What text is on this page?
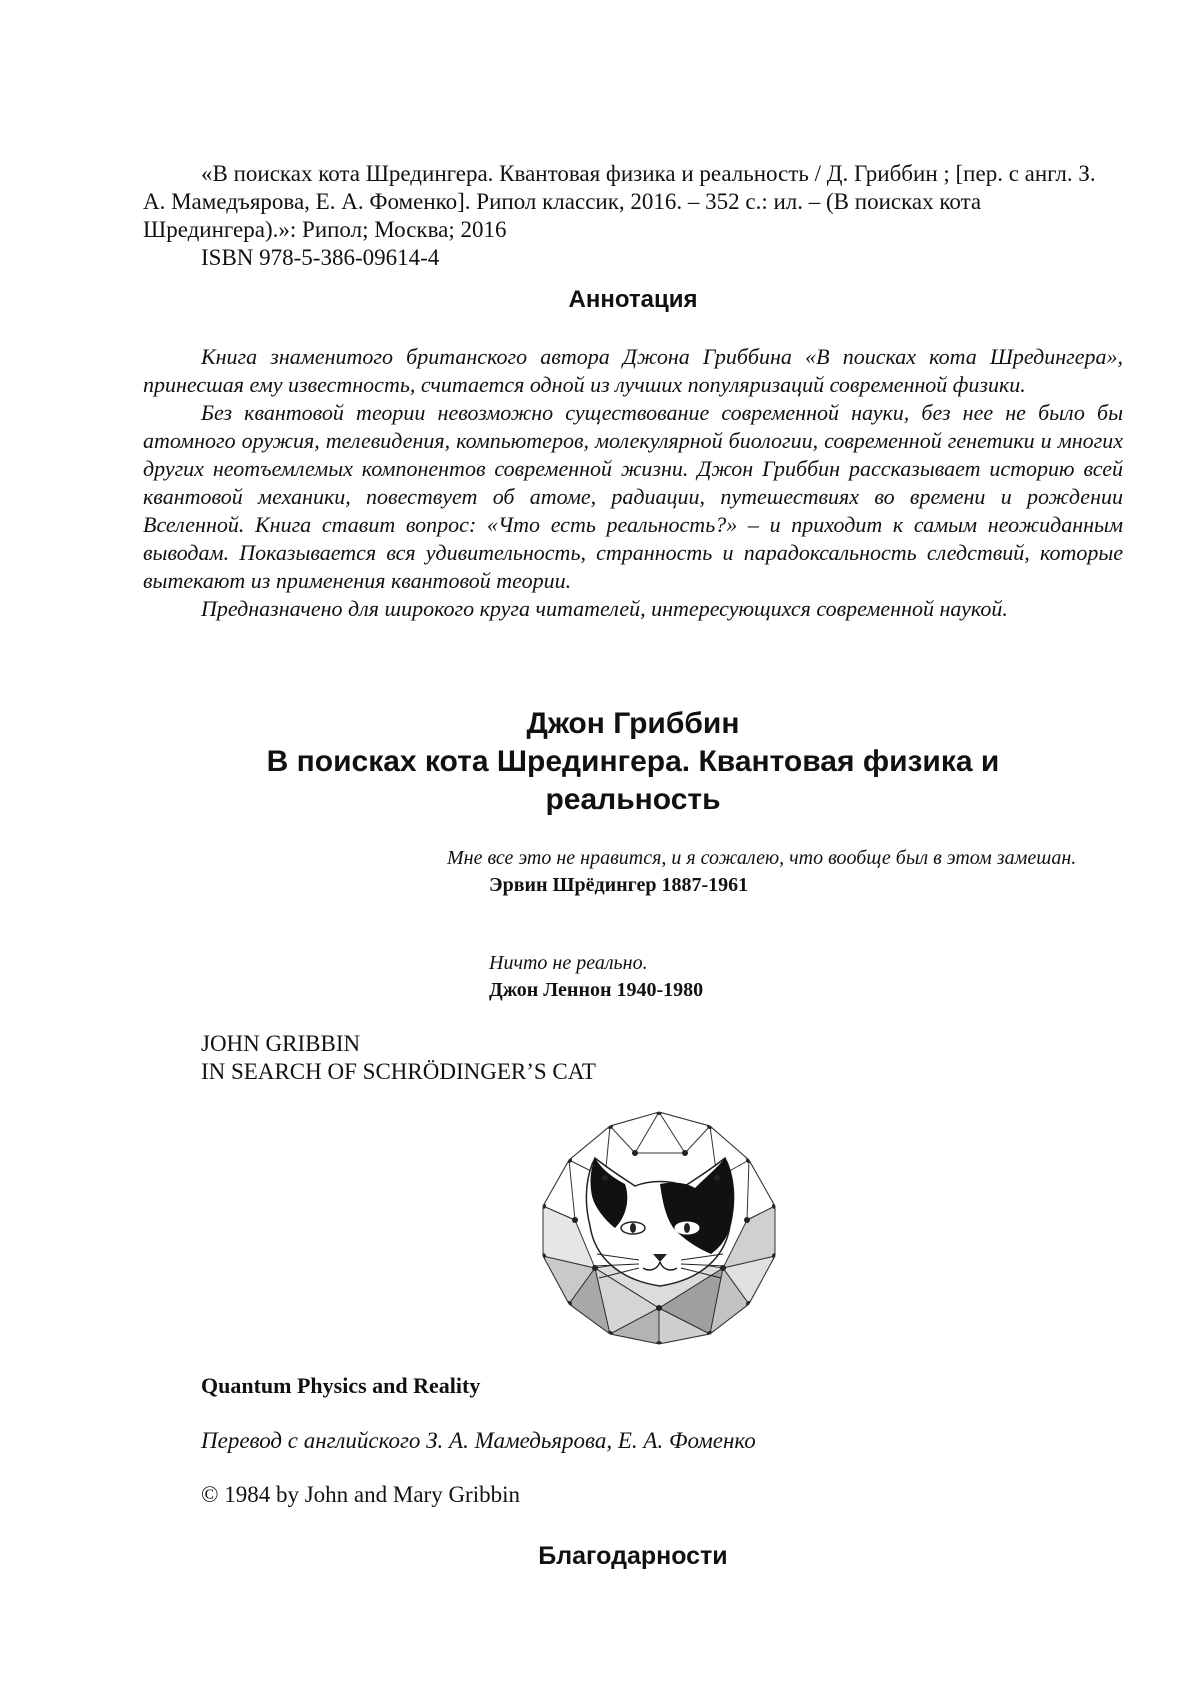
«В поисках кота Шредингера. Квантовая физика и реальность / Д. Гриббин ; [пер. с англ. З. А. Мамедъярова, Е. А. Фоменко]. Рипол классик, 2016. – 352 с.: ил. – (В поисках кота Шредингера).»: Рипол; Москва; 2016

ISBN 978-5-386-09614-4

Аннотация

Книга знаменитого британского автора Джона Гриббина «В поисках кота Шредингера», принесшая ему известность, считается одной из лучших популяризаций современной физики.

Без квантовой теории невозможно существование современной науки, без нее не было бы атомного оружия, телевидения, компьютеров, молекулярной биологии, современной генетики и многих других неотъемлемых компонентов современной жизни. Джон Гриббин рассказывает историю всей квантовой механики, повествует об атоме, радиации, путешествиях во времени и рождении Вселенной. Книга ставит вопрос: «Что есть реальность?» – и приходит к самым неожиданным выводам. Показывается вся удивительность, странность и парадоксальность следствий, которые вытекают из применения квантовой теории.

Предназначено для широкого круга читателей, интересующихся современной наукой.

Джон Гриббин
В поисках кота Шредингера. Квантовая физика и
реальность

Мне все это не нравится, и я сожалею, что вообще был в этом замешан.

Эрвин Шрёдингер 1887-1961

Ничто не реально.

Джон Леннон 1940-1980

JOHN GRIBBIN
IN SEARCH OF SCHRÖDINGER’S CAT
Quantum Physics and Reality
Перевод с английского З. А. Мамедьярова, Е. А. Фоменко
© 1984 by John and Mary Gribbin
Благодарности
